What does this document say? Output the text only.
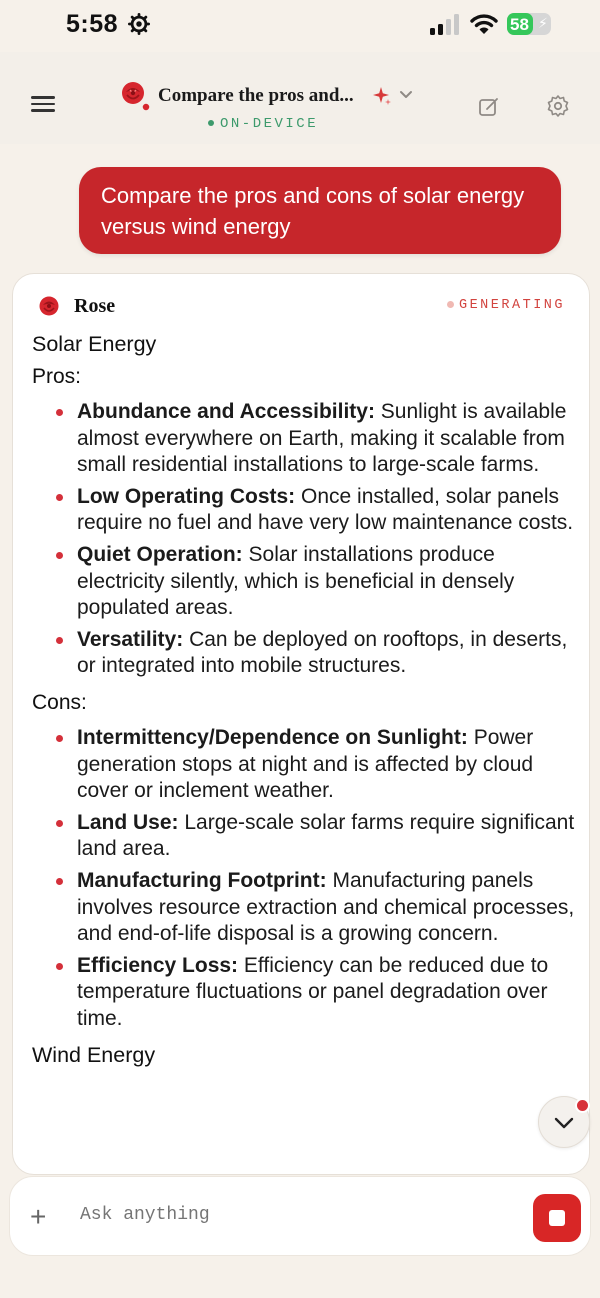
5:58	58 ⚡
Compare the pros and...
ON-DEVICE
Compare the pros and cons of solar energy versus wind energy
Rose	GENERATING

Solar Energy

Pros:

Abundance and Accessibility: Sunlight is available almost everywhere on Earth, making it scalable from small residential installations to large-scale farms.
Low Operating Costs: Once installed, solar panels require no fuel and have very low maintenance costs.
Quiet Operation: Solar installations produce electricity silently, which is beneficial in densely populated areas.
Versatility: Can be deployed on rooftops, in deserts, or integrated into mobile structures.

Cons:

Intermittency/Dependence on Sunlight: Power generation stops at night and is affected by cloud cover or inclement weather.
Land Use: Large-scale solar farms require significant land area.
Manufacturing Footprint: Manufacturing panels involves resource extraction and chemical processes, and end-of-life disposal is a growing concern.
Efficiency Loss: Efficiency can be reduced due to temperature fluctuations or panel degradation over time.

Wind Energy

+
Ask anything
